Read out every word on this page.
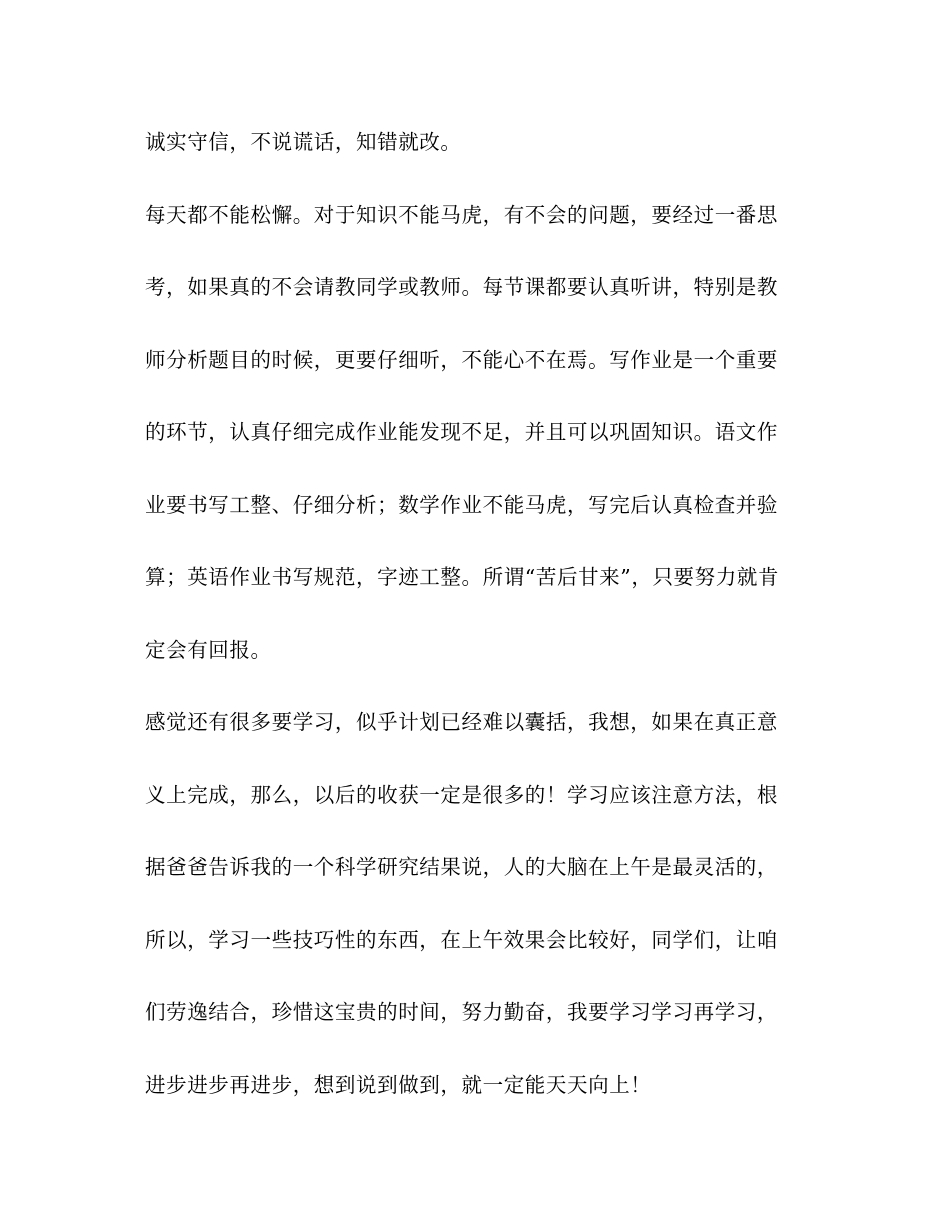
诚实守信，不说谎话，知错就改。

每天都不能松懈。对于知识不能马虎，有不会的问题，要经过一番思

考，如果真的不会请教同学或教师。每节课都要认真听讲，特别是教

师分析题目的时候，更要仔细听，不能心不在焉。写作业是一个重要

的环节，认真仔细完成作业能发现不足，并且可以巩固知识。语文作

业要书写工整、仔细分析；数学作业不能马虎，写完后认真检查并验

算；英语作业书写规范，字迹工整。所谓“苦后甘来”，只要努力就肯

定会有回报。

感觉还有很多要学习，似乎计划已经难以囊括，我想，如果在真正意

义上完成，那么，以后的收获一定是很多的！学习应该注意方法，根

据爸爸告诉我的一个科学研究结果说，人的大脑在上午是最灵活的，

所以，学习一些技巧性的东西，在上午效果会比较好，同学们，让咱

们劳逸结合，珍惜这宝贵的时间，努力勤奋，我要学习学习再学习，

进步进步再进步，想到说到做到，就一定能天天向上！
